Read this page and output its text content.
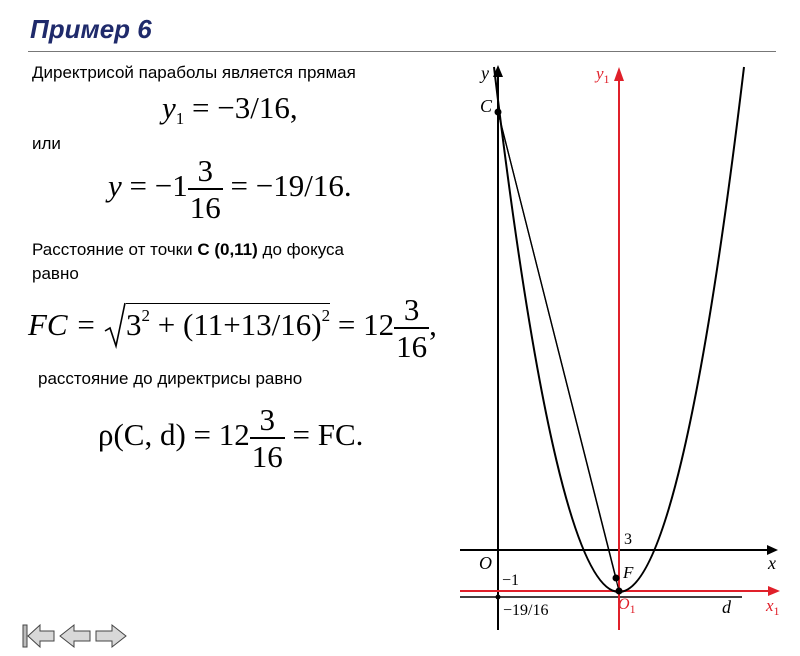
Пример 6
Директрисой параболы является прямая
$y_1 = -3/16$,
или
$y = -1 \frac{3}{16} = -19/16$.
Расстояние от точки C (0,11) до фокуса
равно
FC = $3^2 + (11+13/16)^2 = 12 \frac{3}{16}$ ,
расстояние до директрисы равно
ρ(C, $d) = 12 \frac{3}{16}$ = FC.
y	$y_1$
C
O	x
$x_1$
F
$O_1$	d
3
−1
−19/16
